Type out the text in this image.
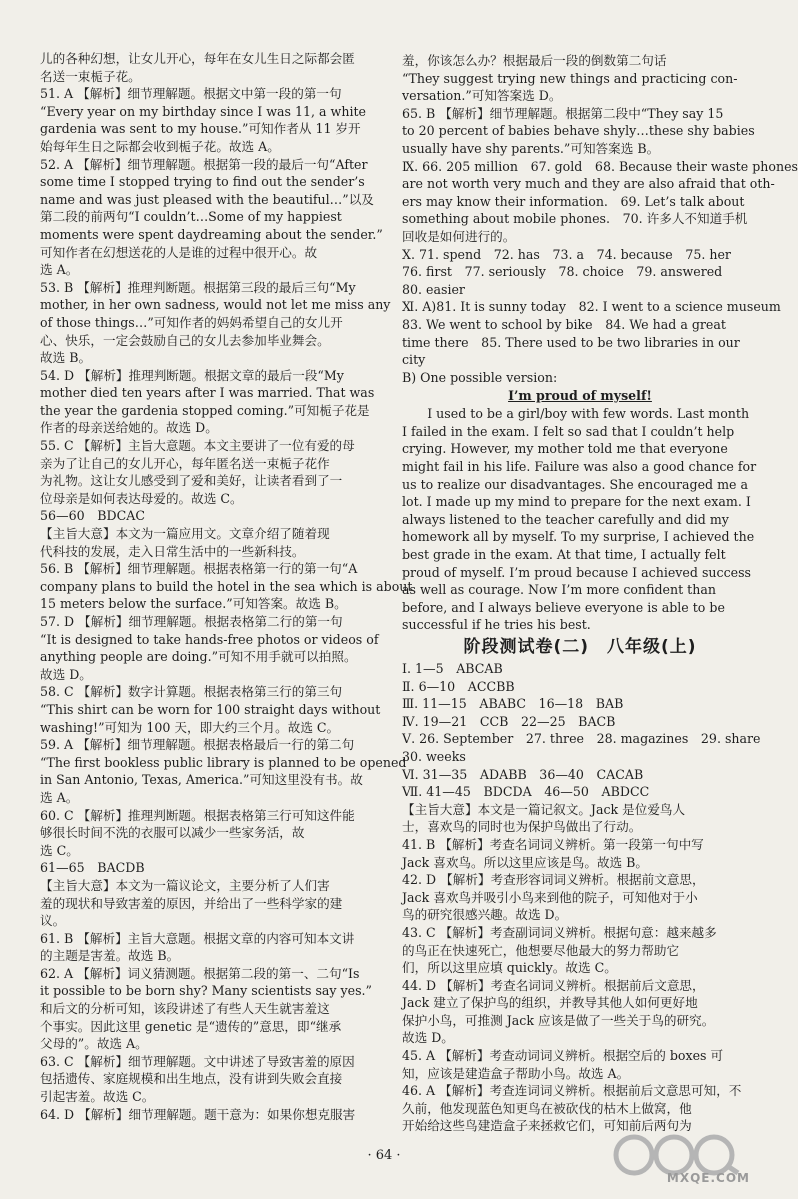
儿的各种幻想，让女儿开心，每年在女儿生日之际都会匿
名送一束栀子花。
51. A 【解析】细节理解题。根据文中第一段的第一句
“Every year on my birthday since I was 11, a white
gardenia was sent to my house.”可知作者从 11 岁开
始每年生日之际都会收到栀子花。故选 A。
52. A 【解析】细节理解题。根据第一段的最后一句“After
some time I stopped trying to find out the sender’s
name and was just pleased with the beautiful…”以及
第二段的前两句“I couldn’t…Some of my happiest
moments were spent daydreaming about the sender.”
可知作者在幻想送花的人是谁的过程中很开心。故
选 A。
53. B 【解析】推理判断题。根据第三段的最后三句“My
mother, in her own sadness, would not let me miss any
of those things…”可知作者的妈妈希望自己的女儿开
心、快乐，一定会鼓励自己的女儿去参加毕业舞会。
故选 B。
54. D 【解析】推理判断题。根据文章的最后一段“My
mother died ten years after I was married. That was
the year the gardenia stopped coming.”可知栀子花是
作者的母亲送给她的。故选 D。
55. C 【解析】主旨大意题。本文主要讲了一位有爱的母
亲为了让自己的女儿开心，每年匿名送一束栀子花作
为礼物。这让女儿感受到了爱和美好，让读者看到了一
位母亲是如何表达母爱的。故选 C。
56—60　BDCAC
【主旨大意】本文为一篇应用文。文章介绍了随着现
代科技的发展，走入日常生活中的一些新科技。
56. B 【解析】细节理解题。根据表格第一行的第一句“A
company plans to build the hotel in the sea which is about
15 meters below the surface.”可知答案。故选 B。
57. D 【解析】细节理解题。根据表格第二行的第一句
“It is designed to take hands-free photos or videos of
anything people are doing.”可知不用手就可以拍照。
故选 D。
58. C 【解析】数字计算题。根据表格第三行的第三句
“This shirt can be worn for 100 straight days without
washing!”可知为 100 天，即大约三个月。故选 C。
59. A 【解析】细节理解题。根据表格最后一行的第二句
“The first bookless public library is planned to be opened
in San Antonio, Texas, America.”可知这里没有书。故
选 A。
60. C 【解析】推理判断题。根据表格第三行可知这件能
够很长时间不洗的衣服可以减少一些家务活，故
选 C。
61—65　BACDB
【主旨大意】本文为一篇议论文，主要分析了人们害
羞的现状和导致害羞的原因，并给出了一些科学家的建
议。
61. B 【解析】主旨大意题。根据文章的内容可知本文讲
的主题是害羞。故选 B。
62. A 【解析】词义猜测题。根据第二段的第一、二句“Is
it possible to be born shy? Many scientists say yes.”
和后文的分析可知，该段讲述了有些人天生就害羞这
个事实。因此这里 genetic 是“遗传的”意思，即“继承
父母的”。故选 A。
63. C 【解析】细节理解题。文中讲述了导致害羞的原因
包括遗传、家庭规模和出生地点，没有讲到失败会直接
引起害羞。故选 C。
64. D 【解析】细节理解题。题干意为：如果你想克服害
羞，你该怎么办？根据最后一段的倒数第二句话
“They suggest trying new things and practicing con-
versation.”可知答案选 D。
65. B 【解析】细节理解题。根据第二段中“They say 15
to 20 percent of babies behave shyly…these shy babies
usually have shy parents.”可知答案选 B。
Ⅸ. 66. 205 million　67. gold　68. Because their waste phones
are not worth very much and they are also afraid that oth-
ers may know their information.　69. Let’s talk about
something about mobile phones.　70. 许多人不知道手机
回收是如何进行的。
Ⅹ. 71. spend　72. has　73. a　74. because　75. her
76. first　77. seriously　78. choice　79. answered
80. easier
Ⅺ. A)81. It is sunny today　82. I went to a science museum
83. We went to school by bike　84. We had a great
time there　85. There used to be two libraries in our
city
B) One possible version:
I’m proud of myself!
　　I used to be a girl/boy with few words. Last month
I failed in the exam. I felt so sad that I couldn’t help
crying. However, my mother told me that everyone
might fail in his life. Failure was also a good chance for
us to realize our disadvantages. She encouraged me a
lot. I made up my mind to prepare for the next exam. I
always listened to the teacher carefully and did my
homework all by myself. To my surprise, I achieved the
best grade in the exam. At that time, I actually felt
proud of myself. I’m proud because I achieved success
as well as courage. Now I’m more confident than
before, and I always believe everyone is able to be
successful if he tries his best.
阶段测试卷(二)　八年级(上)
Ⅰ. 1—5　ABCAB
Ⅱ. 6—10　ACCBB
Ⅲ. 11—15　ABABC　16—18　BAB
Ⅳ. 19—21　CCB　22—25　BACB
Ⅴ. 26. September　27. three　28. magazines　29. share
30. weeks
Ⅵ. 31—35　ADABB　36—40　CACAB
Ⅶ. 41—45　BDCDA　46—50　ABDCC
【主旨大意】本文是一篇记叙文。Jack 是位爱鸟人
士，喜欢鸟的同时也为保护鸟做出了行动。
41. B 【解析】考查名词词义辨析。第一段第一句中写
Jack 喜欢鸟。所以这里应该是鸟。故选 B。
42. D 【解析】考查形容词词义辨析。根据前文意思，
Jack 喜欢鸟并吸引小鸟来到他的院子，可知他对于小
鸟的研究很感兴趣。故选 D。
43. C 【解析】考查副词词义辨析。根据句意：越来越多
的鸟正在快速死亡，他想要尽他最大的努力帮助它
们，所以这里应填 quickly。故选 C。
44. D 【解析】考查名词词义辨析。根据前后文意思，
Jack 建立了保护鸟的组织，并教导其他人如何更好地
保护小鸟，可推测 Jack 应该是做了一些关于鸟的研究。
故选 D。
45. A 【解析】考查动词词义辨析。根据空后的 boxes 可
知，应该是建造盒子帮助小鸟。故选 A。
46. A 【解析】考查连词词义辨析。根据前后文意思可知，不
久前，他发现蓝色知更鸟在被砍伐的枯木上做窝，他
开始给这些鸟建造盒子来拯救它们，可知前后两句为
· 64 ·
MXQE.COM
